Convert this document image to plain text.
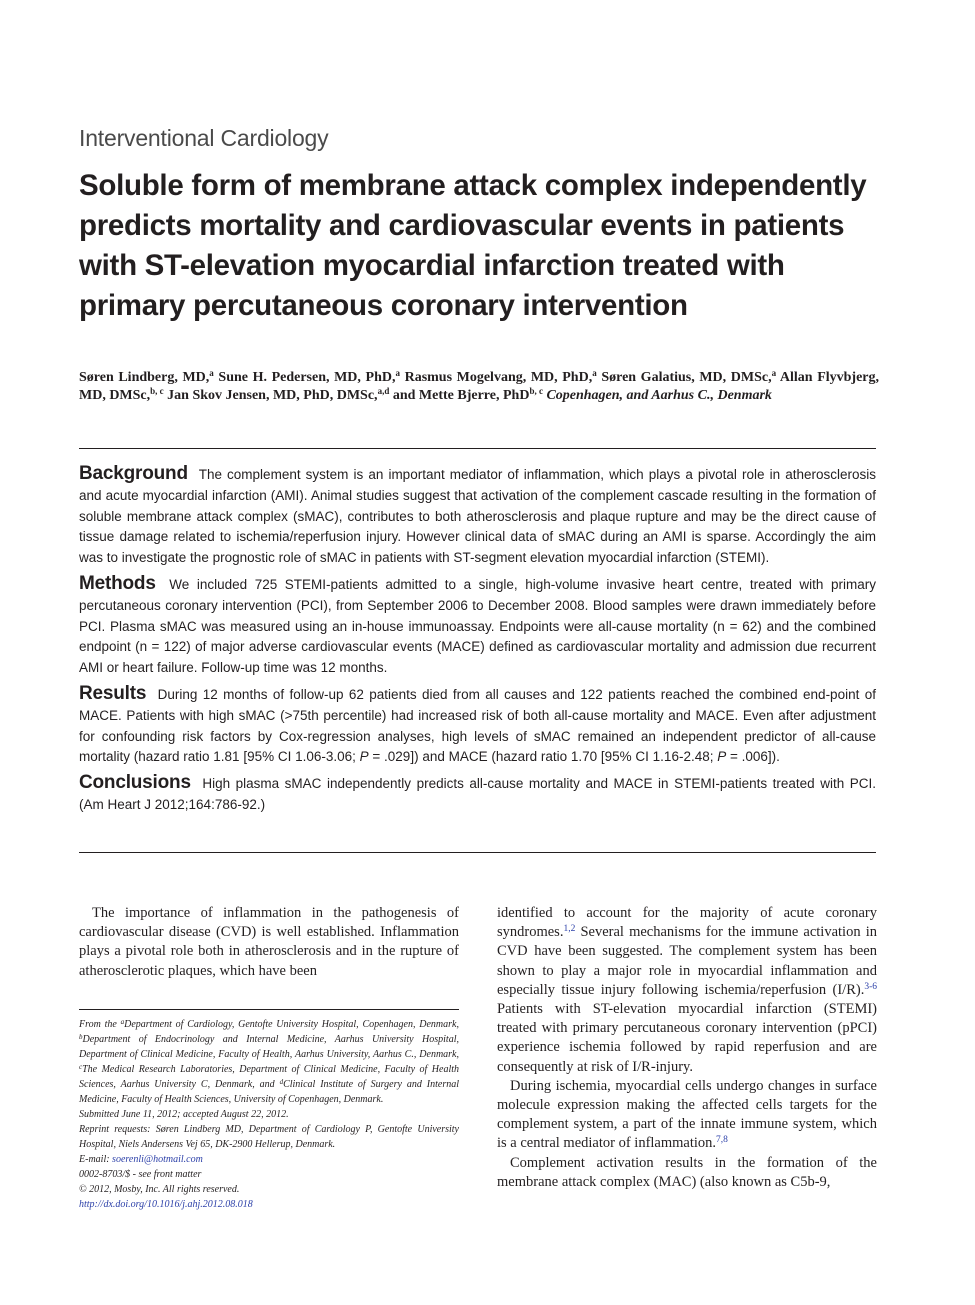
Interventional Cardiology
Soluble form of membrane attack complex independently predicts mortality and cardiovascular events in patients with ST-elevation myocardial infarction treated with primary percutaneous coronary intervention
Søren Lindberg, MD,$^a$ Sune H. Pedersen, MD, PhD,$^a$ Rasmus Mogelvang, MD, PhD,$^a$ Søren Galatius, MD, DMSc,$^a$ Allan Flyvbjerg, MD, DMSc,$^{b, c}$ Jan Skov Jensen, MD, PhD, DMSc,$^{a,d}$ and Mette Bjerre, PhD$^{b, c}$ Copenhagen, and Aarhus C., Denmark

Background The complement system is an important mediator of inflammation, which plays a pivotal role in atherosclerosis and acute myocardial infarction (AMI). Animal studies suggest that activation of the complement cascade resulting in the formation of soluble membrane attack complex (sMAC), contributes to both atherosclerosis and plaque rupture and may be the direct cause of tissue damage related to ischemia/reperfusion injury. However clinical data of sMAC during an AMI is sparse. Accordingly the aim was to investigate the prognostic role of sMAC in patients with ST-segment elevation myocardial infarction (STEMI).

Methods We included 725 STEMI-patients admitted to a single, high-volume invasive heart centre, treated with primary percutaneous coronary intervention (PCI), from September 2006 to December 2008. Blood samples were drawn immediately before PCI. Plasma sMAC was measured using an in-house immunoassay. Endpoints were all-cause mortality (n = 62) and the combined endpoint (n = 122) of major adverse cardiovascular events (MACE) defined as cardiovascular mortality and admission due recurrent AMI or heart failure. Follow-up time was 12 months.

Results During 12 months of follow-up 62 patients died from all causes and 122 patients reached the combined end-point of MACE. Patients with high sMAC (>75th percentile) had increased risk of both all-cause mortality and MACE. Even after adjustment for confounding risk factors by Cox-regression analyses, high levels of sMAC remained an independent predictor of all-cause mortality (hazard ratio 1.81 [95% CI 1.06-3.06; P = .029]) and MACE (hazard ratio 1.70 [95% CI 1.16-2.48; P = .006]).

Conclusions High plasma sMAC independently predicts all-cause mortality and MACE in STEMI-patients treated with PCI. (Am Heart J 2012;164:786-92.)

The importance of inflammation in the pathogenesis of cardiovascular disease (CVD) is well established. Inflammation plays a pivotal role both in atherosclerosis and in the rupture of atherosclerotic plaques, which have been

From the $^a$Department of Cardiology, Gentofte University Hospital, Copenhagen, Denmark, $^b$Department of Endocrinology and Internal Medicine, Aarhus University Hospital, Department of Clinical Medicine, Faculty of Health, Aarhus University, Aarhus C., Denmark, $^c$The Medical Research Laboratories, Department of Clinical Medicine, Faculty of Health Sciences, Aarhus University C, Denmark, and $^d$Clinical Institute of Surgery and Internal Medicine, Faculty of Health Sciences, University of Copenhagen, Denmark.
Submitted June 11, 2012; accepted August 22, 2012.
Reprint requests: Søren Lindberg MD, Department of Cardiology P, Gentofte University Hospital, Niels Andersens Vej 65, DK-2900 Hellerup, Denmark.
E-mail: soerenli@hotmail.com
0002-8703/$ - see front matter
© 2012, Mosby, Inc. All rights reserved.
http://dx.doi.org/10.1016/j.ahj.2012.08.018

identified to account for the majority of acute coronary syndromes.$^{1,2}$ Several mechanisms for the immune activation in CVD have been suggested. The complement system has been shown to play a major role in myocardial inflammation and especially tissue injury following ischemia/reperfusion (I/R).$^{3-6}$ Patients with ST-elevation myocardial infarction (STEMI) treated with primary percutaneous coronary intervention (pPCI) experience ischemia followed by rapid reperfusion and are consequently at risk of I/R-injury.

During ischemia, myocardial cells undergo changes in surface molecule expression making the affected cells targets for the complement system, a part of the innate immune system, which is a central mediator of inflammation.$^{7,8}$

Complement activation results in the formation of the membrane attack complex (MAC) (also known as C5b-9,
